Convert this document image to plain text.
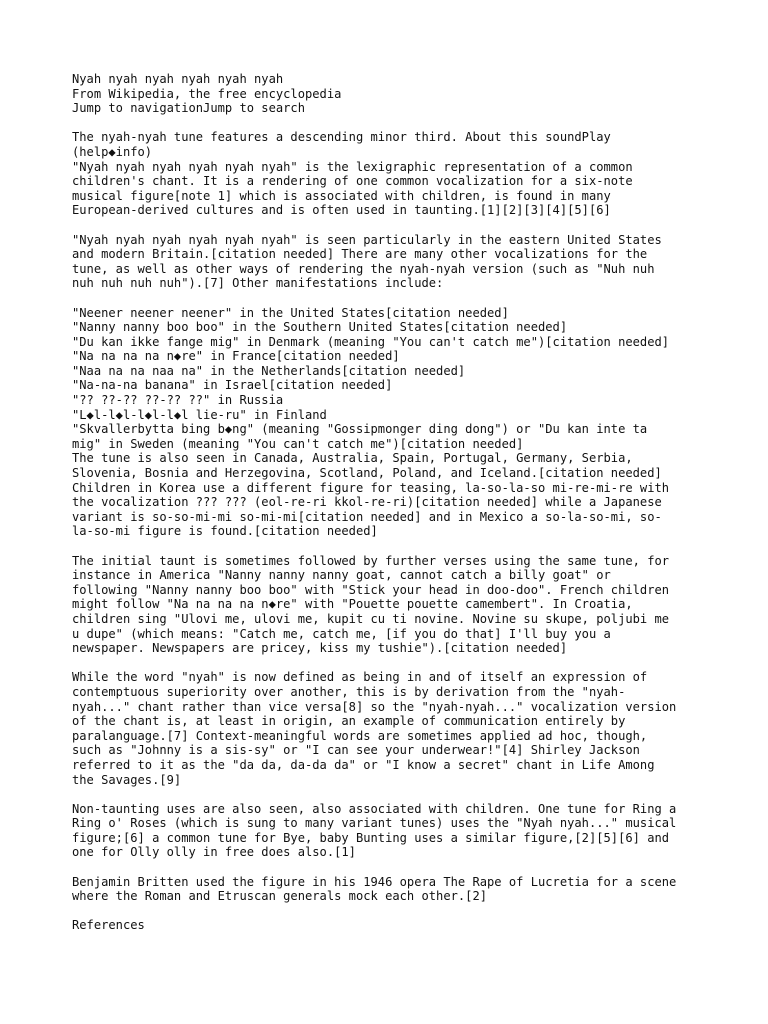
Nyah nyah nyah nyah nyah nyah
From Wikipedia, the free encyclopedia
Jump to navigationJump to search
The nyah-nyah tune features a descending minor third. About this soundPlay
(help◆info)
"Nyah nyah nyah nyah nyah nyah" is the lexigraphic representation of a common
children's chant. It is a rendering of one common vocalization for a six-note
musical figure[note 1] which is associated with children, is found in many
European-derived cultures and is often used in taunting.[1][2][3][4][5][6]
"Nyah nyah nyah nyah nyah nyah" is seen particularly in the eastern United States
and modern Britain.[citation needed] There are many other vocalizations for the
tune, as well as other ways of rendering the nyah-nyah version (such as "Nuh nuh
nuh nuh nuh nuh").[7] Other manifestations include:
"Neener neener neener" in the United States[citation needed]
"Nanny nanny boo boo" in the Southern United States[citation needed]
"Du kan ikke fange mig" in Denmark (meaning "You can't catch me")[citation needed]
"Na na na na n◆re" in France[citation needed]
"Naa na na naa na" in the Netherlands[citation needed]
"Na-na-na banana" in Israel[citation needed]
"?? ??-?? ??-?? ??" in Russia
"L◆l-l◆l-l◆l-l◆l lie-ru" in Finland
"Skvallerbytta bing b◆ng" (meaning "Gossipmonger ding dong") or "Du kan inte ta
mig" in Sweden (meaning "You can't catch me")[citation needed]
The tune is also seen in Canada, Australia, Spain, Portugal, Germany, Serbia,
Slovenia, Bosnia and Herzegovina, Scotland, Poland, and Iceland.[citation needed]
Children in Korea use a different figure for teasing, la-so-la-so mi-re-mi-re with
the vocalization ??? ??? (eol-re-ri kkol-re-ri)[citation needed] while a Japanese
variant is so-so-mi-mi so-mi-mi[citation needed] and in Mexico a so-la-so-mi, so-
la-so-mi figure is found.[citation needed]
The initial taunt is sometimes followed by further verses using the same tune, for
instance in America "Nanny nanny nanny goat, cannot catch a billy goat" or
following "Nanny nanny boo boo" with "Stick your head in doo-doo". French children
might follow "Na na na na n◆re" with "Pouette pouette camembert". In Croatia,
children sing "Ulovi me, ulovi me, kupit cu ti novine. Novine su skupe, poljubi me
u dupe" (which means: "Catch me, catch me, [if you do that] I'll buy you a
newspaper. Newspapers are pricey, kiss my tushie").[citation needed]
While the word "nyah" is now defined as being in and of itself an expression of
contemptuous superiority over another, this is by derivation from the "nyah-
nyah..." chant rather than vice versa[8] so the "nyah-nyah..." vocalization version
of the chant is, at least in origin, an example of communication entirely by
paralanguage.[7] Context-meaningful words are sometimes applied ad hoc, though,
such as "Johnny is a sis-sy" or "I can see your underwear!"[4] Shirley Jackson
referred to it as the "da da, da-da da" or "I know a secret" chant in Life Among
the Savages.[9]
Non-taunting uses are also seen, also associated with children. One tune for Ring a
Ring o' Roses (which is sung to many variant tunes) uses the "Nyah nyah..." musical
figure;[6] a common tune for Bye, baby Bunting uses a similar figure,[2][5][6] and
one for Olly olly in free does also.[1]
Benjamin Britten used the figure in his 1946 opera The Rape of Lucretia for a scene
where the Roman and Etruscan generals mock each other.[2]
References
